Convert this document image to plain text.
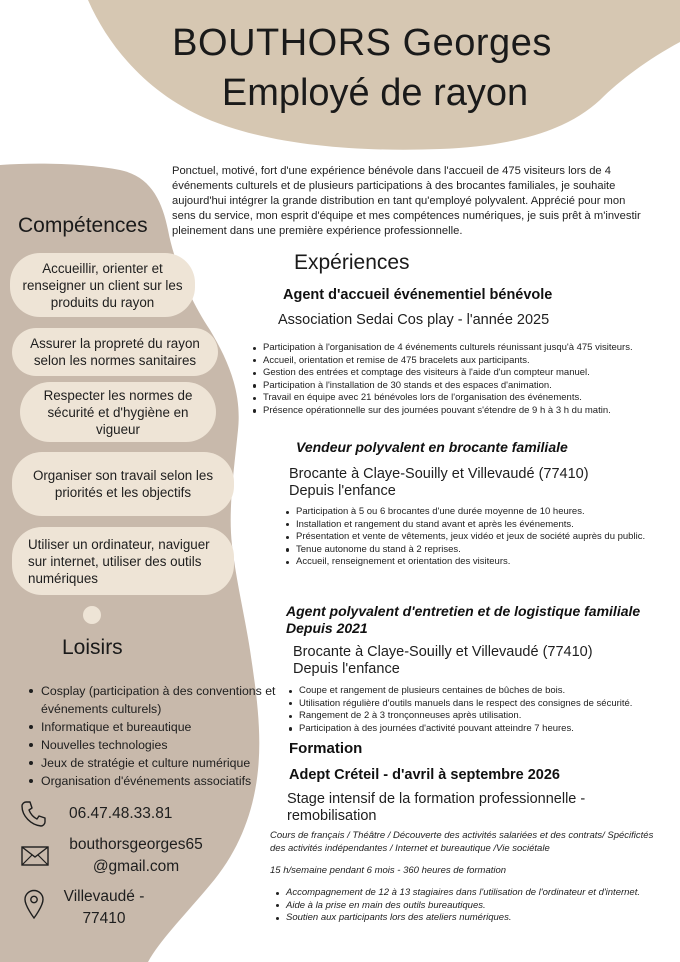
BOUTHORS Georges
Employé de rayon

Ponctuel, motivé, fort d'une expérience bénévole dans l'accueil de 475 visiteurs lors de 4 événements culturels et de plusieurs participations à des brocantes familiales, je souhaite aujourd'hui intégrer la grande distribution en tant qu'employé polyvalent. Apprécié pour mon sens du service, mon esprit d'équipe et mes compétences numériques, je suis prêt à m'investir pleinement dans une première expérience professionnelle.

Compétences
Accueillir, orienter et renseigner un client sur les produits du rayon
Assurer la propreté du rayon selon les normes sanitaires
Respecter les normes de sécurité et d'hygiène en vigueur
Organiser son travail selon les priorités et les objectifs
Utiliser un ordinateur, naviguer sur internet, utiliser des outils numériques
Loisirs
Cosplay (participation à des conventions et événements culturels)
Informatique et bureautique
Nouvelles technologies
Jeux de stratégie et culture numérique
Organisation d'événements associatifs
06.47.48.33.81
bouthorsgeorges65 @gmail.com
Villevaudé - 77410
Expériences
Agent d'accueil événementiel bénévole
Association Sedai Cos play - l'année 2025
Participation à l'organisation de 4 événements culturels réunissant jusqu'à 475 visiteurs.
Accueil, orientation et remise de 475 bracelets aux participants.
Gestion des entrées et comptage des visiteurs à l'aide d'un compteur manuel.
Participation à l'installation de 30 stands et des espaces d'animation.
Travail en équipe avec 21 bénévoles lors de l'organisation des événements.
Présence opérationnelle sur des journées pouvant s'étendre de 9 h à 3 h du matin.
Vendeur polyvalent en brocante familiale
Brocante à Claye-Souilly et Villevaudé (77410)
Depuis l'enfance
Participation à 5 ou 6 brocantes d'une durée moyenne de 10 heures.
Installation et rangement du stand avant et après les événements.
Présentation et vente de vêtements, jeux vidéo et jeux de société auprès du public.
Tenue autonome du stand à 2 reprises.
Accueil, renseignement et orientation des visiteurs.
Agent polyvalent d'entretien et de logistique familiale
Depuis 2021
Brocante à Claye-Souilly et Villevaudé (77410)
Depuis l'enfance
Coupe et rangement de plusieurs centaines de bûches de bois.
Utilisation régulière d'outils manuels dans le respect des consignes de sécurité.
Rangement de 2 à 3 tronçonneuses après utilisation.
Participation à des journées d'activité pouvant atteindre 7 heures.
Formation
Adept Créteil - d'avril à septembre 2026
Stage intensif de la formation professionnelle - remobilisation
Cours de français / Théâtre / Découverte des activités salariées et des contrats/ Spécifictés des activités indépendantes / Internet et bureautique /Vie sociétale
15 h/semaine pendant 6 mois - 360 heures de formation
Accompagnement de 12 à 13 stagiaires dans l'utilisation de l'ordinateur et d'internet.
Aide à la prise en main des outils bureautiques.
Soutien aux participants lors des ateliers numériques.
